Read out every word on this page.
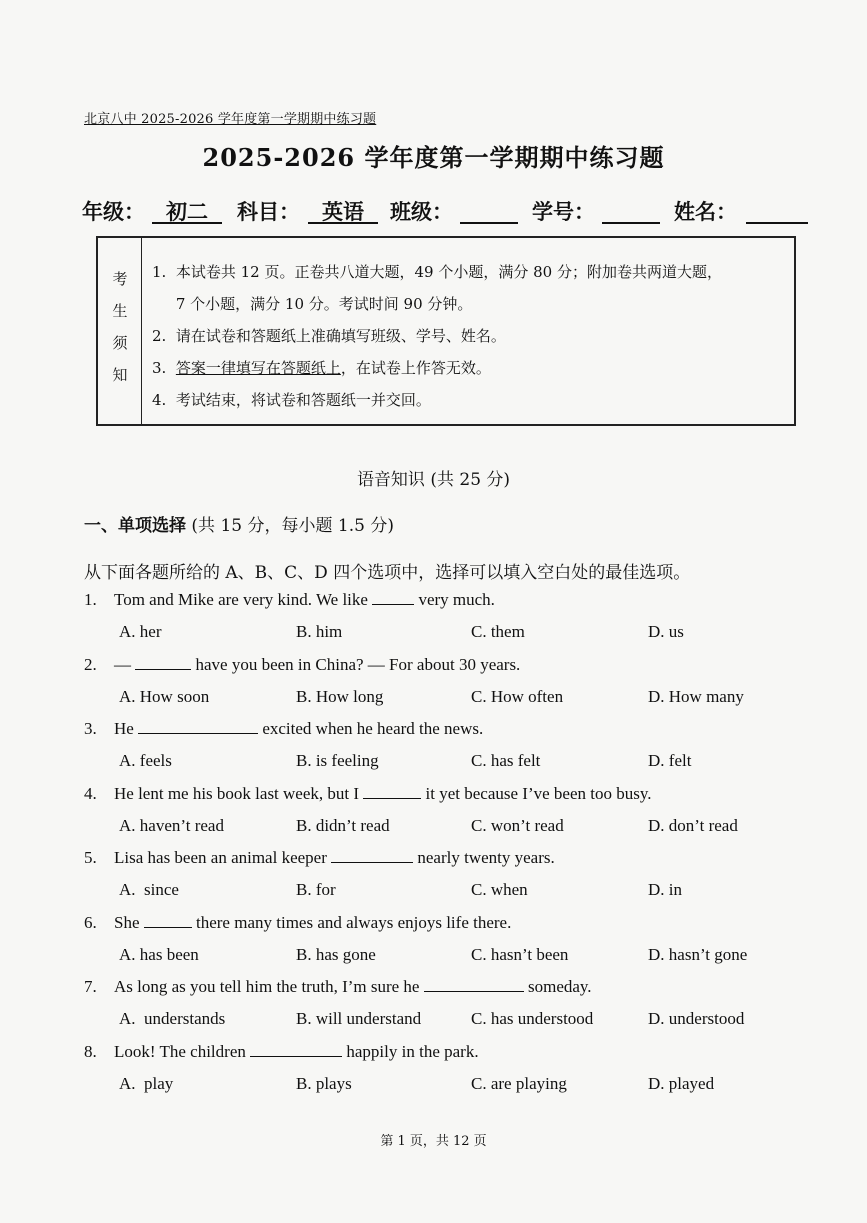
北京八中 2025-2026 学年度第一学期期中练习题
2025-2026 学年度第一学期期中练习题
年级：	初二	科目：	英语	班级：	学号：	姓名：
考
生
须
知
1.  本试卷共 12 页。正卷共八道大题，49 个小题，满分 80 分；附加卷共两道大题，
7 个小题，满分 10 分。考试时间 90 分钟。
2.  请在试卷和答题纸上准确填写班级、学号、姓名。
3.  答案一律填写在答题纸上，在试卷上作答无效。
4.  考试结束，将试卷和答题纸一并交回。
语音知识 (共 25 分)
一、单项选择 (共 15 分，每小题 1.5 分)
从下面各题所给的 A、B、C、D 四个选项中，选择可以填入空白处的最佳选项。
1. Tom and Mike are very kind. We like  very much.
A. her	B. him	C. them	D. us
2. —	have you been in China? — For about 30 years.
A. How soon	B. How long	C. How often	D. How many
3. He	excited when he heard the news.
A. feels	B. is feeling	C. has felt	D. felt
4. He lent me his book last week, but I	it yet because I’ve been too busy.
A. haven’t read	B. didn’t read	C. won’t read	D. don’t read
5. Lisa has been an animal keeper	nearly twenty years.
A.  since	B. for	C. when	D. in
6. She	there many times and always enjoys life there.
A. has been	B. has gone	C. hasn’t been	D. hasn’t gone
7. As long as you tell him the truth, I’m sure he	someday.
A.  understands	B. will understand	C. has understood	D. understood
8. Look! The children	happily in the park.
A.  play	B. plays	C. are playing	D. played
第 1 页，共 12 页
